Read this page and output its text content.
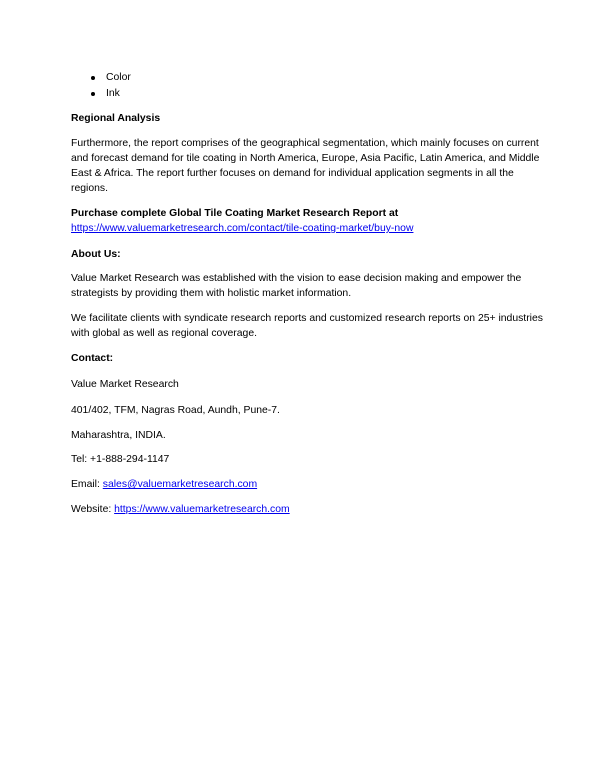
Color
Ink
Regional Analysis
Furthermore, the report comprises of the geographical segmentation, which mainly focuses on current
and forecast demand for tile coating in North America, Europe, Asia Pacific, Latin America, and Middle
East & Africa. The report further focuses on demand for individual application segments in all the
regions.
Purchase complete Global Tile Coating Market Research Report at
https://www.valuemarketresearch.com/contact/tile-coating-market/buy-now
About Us:
Value Market Research was established with the vision to ease decision making and empower the
strategists by providing them with holistic market information.
We facilitate clients with syndicate research reports and customized research reports on 25+ industries
with global as well as regional coverage.
Contact:
Value Market Research
401/402, TFM, Nagras Road, Aundh, Pune-7.
Maharashtra, INDIA.
Tel: +1-888-294-1147
Email: sales@valuemarketresearch.com
Website: https://www.valuemarketresearch.com
